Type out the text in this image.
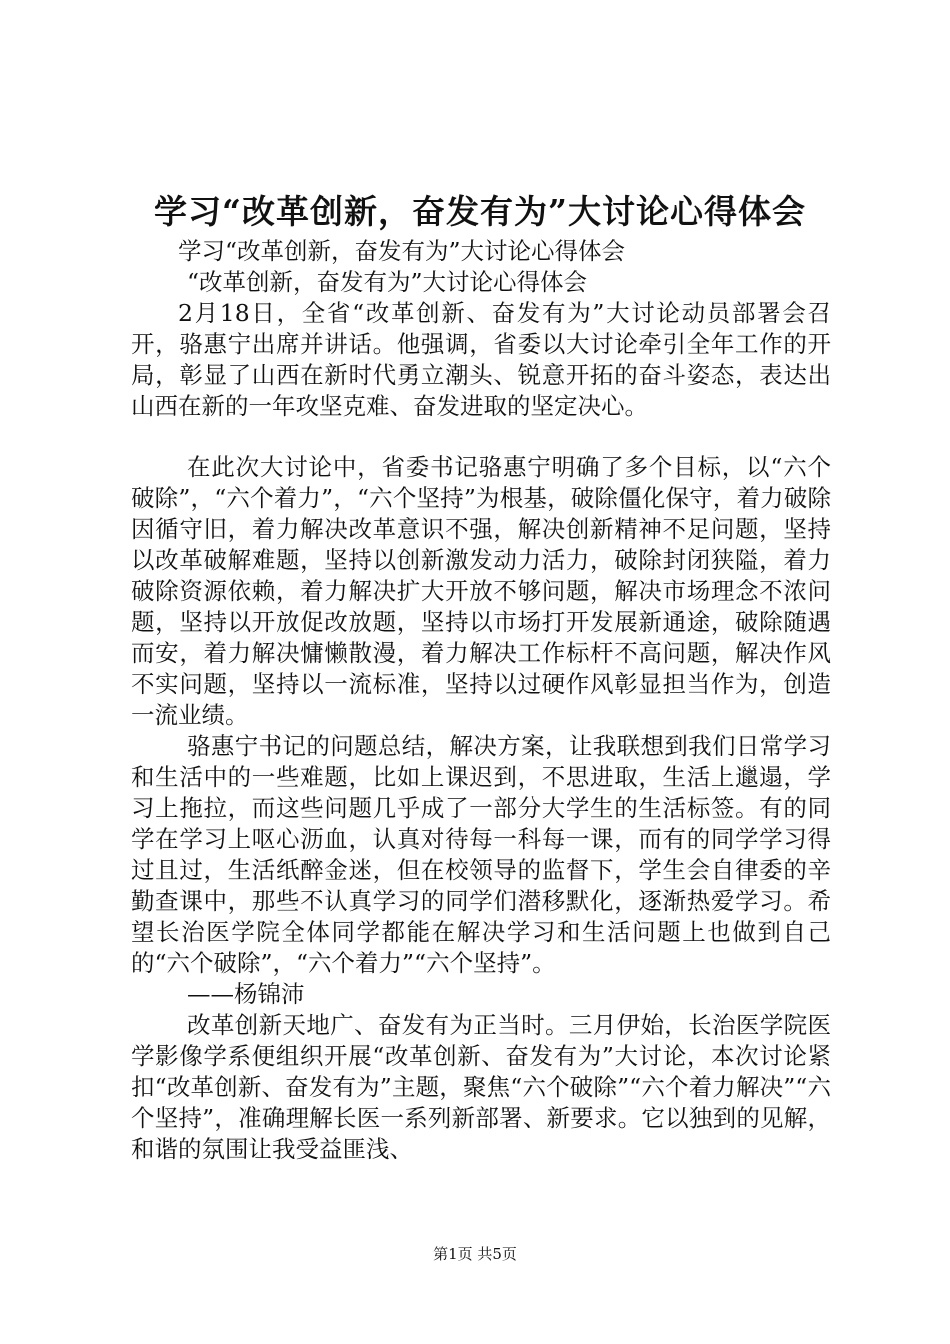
学习“改革创新，奋发有为”大讨论心得体会

学习“改革创新，奋发有为”大讨论心得体会

“改革创新，奋发有为”大讨论心得体会

2月18日，全省“改革创新、奋发有为”大讨论动员部署会召开，骆惠宁出席并讲话。他强调，省委以大讨论牵引全年工作的开局，彰显了山西在新时代勇立潮头、锐意开拓的奋斗姿态，表达出山西在新的一年攻坚克难、奋发进取的坚定决心。

在此次大讨论中，省委书记骆惠宁明确了多个目标，以“六个破除”，“六个着力”，“六个坚持”为根基，破除僵化保守，着力破除因循守旧，着力解决改革意识不强，解决创新精神不足问题，坚持以改革破解难题，坚持以创新激发动力活力，破除封闭狭隘，着力破除资源依赖，着力解决扩大开放不够问题，解决市场理念不浓问题，坚持以开放促改放题，坚持以市场打开发展新通途，破除随遇而安，着力解决慵懒散漫，着力解决工作标杆不高问题，解决作风不实问题，坚持以一流标准，坚持以过硬作风彰显担当作为，创造一流业绩。

骆惠宁书记的问题总结，解决方案，让我联想到我们日常学习和生活中的一些难题，比如上课迟到，不思进取，生活上邋遢，学习上拖拉，而这些问题几乎成了一部分大学生的生活标签。有的同学在学习上呕心沥血，认真对待每一科每一课，而有的同学学习得过且过，生活纸醉金迷，但在校领导的监督下，学生会自律委的辛勤查课中，那些不认真学习的同学们潜移默化，逐渐热爱学习。希望长治医学院全体同学都能在解决学习和生活问题上也做到自己的“六个破除”，“六个着力”“六个坚持”。

——杨锦沛

改革创新天地广、奋发有为正当时。三月伊始，长治医学院医学影像学系便组织开展“改革创新、奋发有为”大讨论，本次讨论紧扣“改革创新、奋发有为”主题，聚焦“六个破除”“六个着力解决”“六个坚持”，准确理解长医一系列新部署、新要求。它以独到的见解，和谐的氛围让我受益匪浅、

第1页 共5页
